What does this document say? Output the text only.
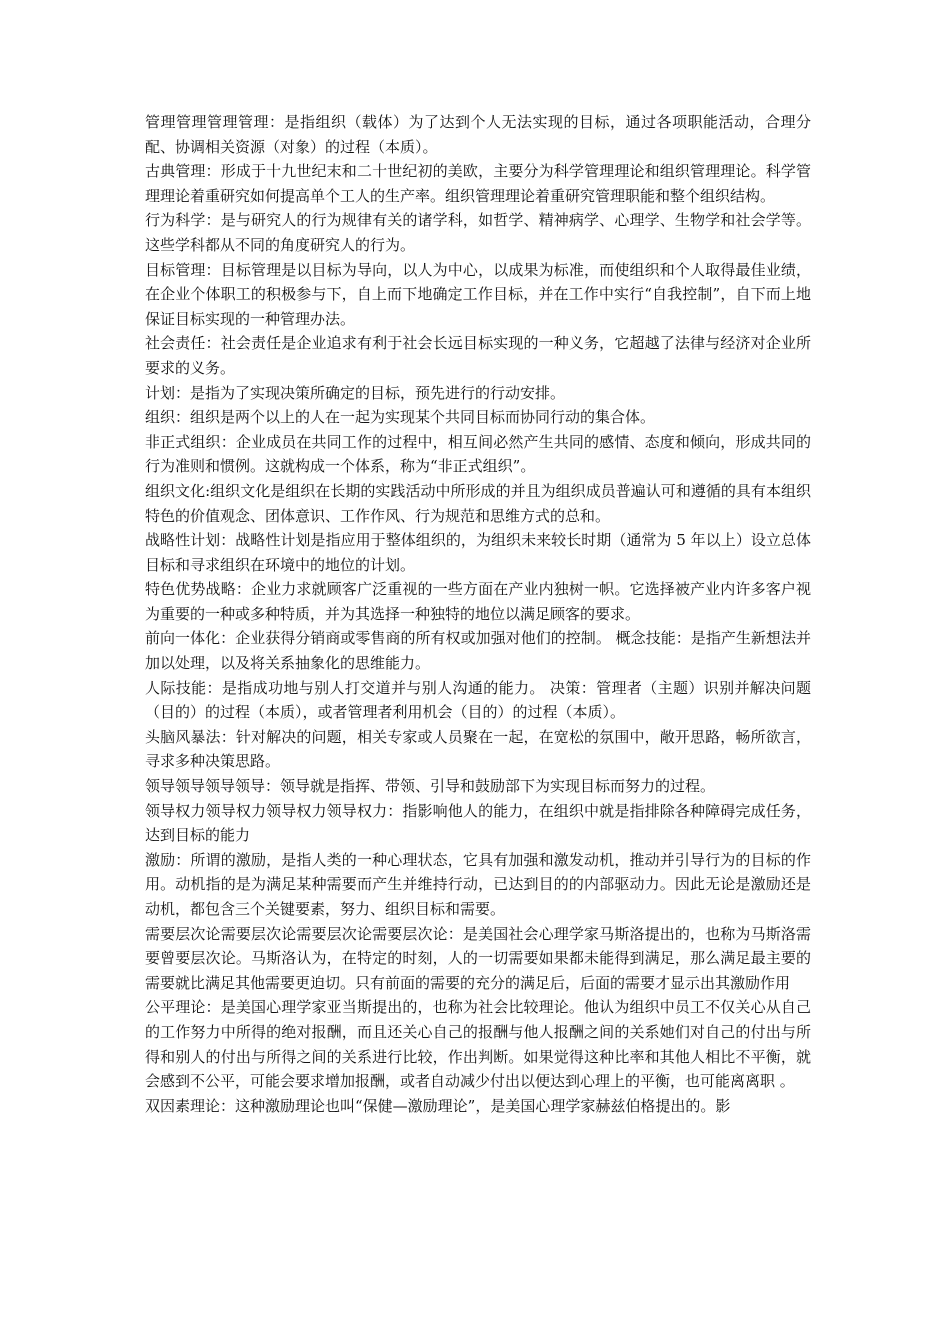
管理管理管理管理：是指组织（载体）为了达到个人无法实现的目标，通过各项职能活动，合理分配、协调相关资源（对象）的过程（本质）。

古典管理：形成于十九世纪末和二十世纪初的美欧，主要分为科学管理理论和组织管理理论。科学管理理论着重研究如何提高单个工人的生产率。组织管理理论着重研究管理职能和整个组织结构。

行为科学：是与研究人的行为规律有关的诸学科，如哲学、精神病学、心理学、生物学和社会学等。这些学科都从不同的角度研究人的行为。

目标管理：目标管理是以目标为导向，以人为中心，以成果为标准，而使组织和个人取得最佳业绩，在企业个体职工的积极参与下，自上而下地确定工作目标，并在工作中实行“自我控制”，自下而上地保证目标实现的一种管理办法。

社会责任：社会责任是企业追求有利于社会长远目标实现的一种义务，它超越了法律与经济对企业所要求的义务。

计划：是指为了实现决策所确定的目标，预先进行的行动安排。

组织：组织是两个以上的人在一起为实现某个共同目标而协同行动的集合体。

非正式组织：企业成员在共同工作的过程中，相互间必然产生共同的感情、态度和倾向，形成共同的行为准则和惯例。这就构成一个体系，称为“非正式组织”。

组织文化:组织文化是组织在长期的实践活动中所形成的并且为组织成员普遍认可和遵循的具有本组织特色的价值观念、团体意识、工作作风、行为规范和思维方式的总和。

战略性计划：战略性计划是指应用于整体组织的，为组织未来较长时期（通常为 5 年以上）设立总体目标和寻求组织在环境中的地位的计划。

特色优势战略：企业力求就顾客广泛重视的一些方面在产业内独树一帜。它选择被产业内许多客户视为重要的一种或多种特质，并为其选择一种独特的地位以满足顾客的要求。

前向一体化：企业获得分销商或零售商的所有权或加强对他们的控制。 概念技能：是指产生新想法并加以处理，以及将关系抽象化的思维能力。

人际技能：是指成功地与别人打交道并与别人沟通的能力。 决策：管理者（主题）识别并解决问题（目的）的过程（本质），或者管理者利用机会（目的）的过程（本质）。

头脑风暴法：针对解决的问题，相关专家或人员聚在一起，在宽松的氛围中，敞开思路，畅所欲言，寻求多种决策思路。

领导领导领导领导：领导就是指挥、带领、引导和鼓励部下为实现目标而努力的过程。

领导权力领导权力领导权力领导权力：指影响他人的能力，在组织中就是指排除各种障碍完成任务，达到目标的能力

激励：所谓的激励，是指人类的一种心理状态，它具有加强和激发动机，推动并引导行为的目标的作用。动机指的是为满足某种需要而产生并维持行动，已达到目的的内部驱动力。因此无论是激励还是动机，都包含三个关键要素，努力、组织目标和需要。

需要层次论需要层次论需要层次论需要层次论：是美国社会心理学家马斯洛提出的，也称为马斯洛需要曾要层次论。马斯洛认为，在特定的时刻，人的一切需要如果都未能得到满足，那么满足最主要的需要就比满足其他需要更迫切。只有前面的需要的充分的满足后，后面的需要才显示出其激励作用

公平理论：是美国心理学家亚当斯提出的，也称为社会比较理论。他认为组织中员工不仅关心从自己的工作努力中所得的绝对报酬，而且还关心自己的报酬与他人报酬之间的关系她们对自己的付出与所得和别人的付出与所得之间的关系进行比较，作出判断。如果觉得这种比率和其他人相比不平衡，就会感到不公平，可能会要求增加报酬，或者自动减少付出以便达到心理上的平衡，也可能离离职 。

双因素理论：这种激励理论也叫“保健—激励理论”，是美国心理学家赫兹伯格提出的。影
